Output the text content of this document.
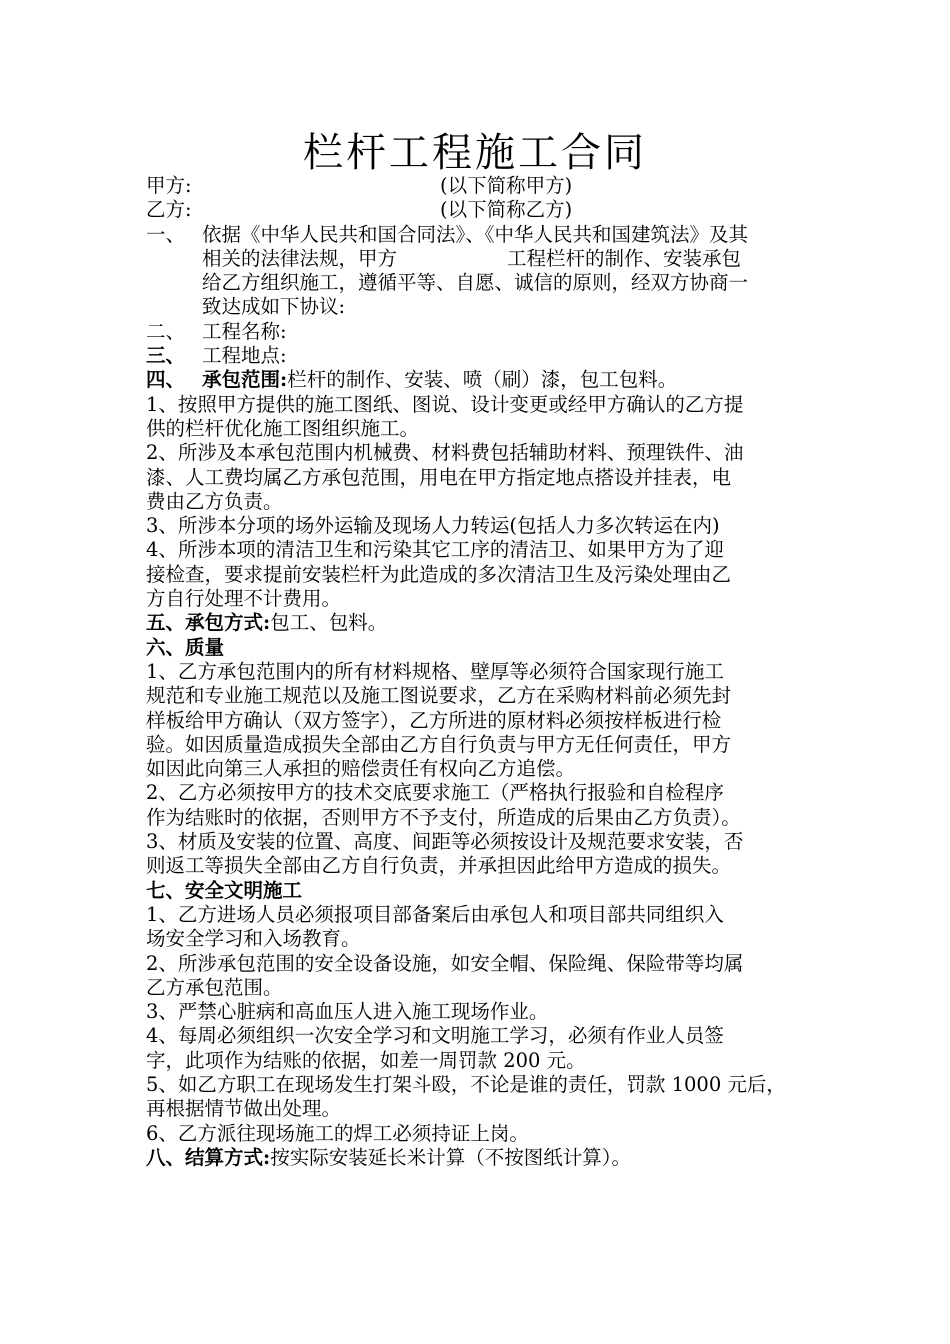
栏杆工程施工合同
甲方:	(以下简称甲方)
乙方:	(以下简称乙方)
一、 依据《中华人民共和国合同法》、《中华人民共和国建筑法》及其
相关的法律法规，甲方	工程栏杆的制作、安装承包
给乙方组织施工，遵循平等、自愿、诚信的原则，经双方协商一
致达成如下协议:
二、 工程名称:
三、 工程地点:
四、 承包范围:栏杆的制作、安装、喷（刷）漆，包工包料。
1、按照甲方提供的施工图纸、图说、设计变更或经甲方确认的乙方提
供的栏杆优化施工图组织施工。
2、所涉及本承包范围内机械费、材料费包括辅助材料、预理铁件、油
漆、人工费均属乙方承包范围，用电在甲方指定地点搭设并挂表，电
费由乙方负责。
3、所涉本分项的场外运输及现场人力转运(包括人力多次转运在内)
4、所涉本项的清洁卫生和污染其它工序的清洁卫、如果甲方为了迎
接检查，要求提前安装栏杆为此造成的多次清洁卫生及污染处理由乙
方自行处理不计费用。
五、承包方式:包工、包料。
六、质量
1、乙方承包范围内的所有材料规格、壁厚等必须符合国家现行施工
规范和专业施工规范以及施工图说要求，乙方在采购材料前必须先封
样板给甲方确认（双方签字），乙方所进的原材料必须按样板进行检
验。如因质量造成损失全部由乙方自行负责与甲方无任何责任，甲方
如因此向第三人承担的赔偿责任有权向乙方追偿。
2、乙方必须按甲方的技术交底要求施工（严格执行报验和自检程序
作为结账时的依据，否则甲方不予支付，所造成的后果由乙方负责）。
3、材质及安装的位置、高度、间距等必须按设计及规范要求安装，否
则返工等损失全部由乙方自行负责，并承担因此给甲方造成的损失。
七、安全文明施工
1、乙方进场人员必须报项目部备案后由承包人和项目部共同组织入
场安全学习和入场教育。
2、所涉承包范围的安全设备设施，如安全帽、保险绳、保险带等均属
乙方承包范围。
3、严禁心脏病和高血压人进入施工现场作业。
4、每周必须组织一次安全学习和文明施工学习，必须有作业人员签
字，此项作为结账的依据，如差一周罚款 200 元。
5、如乙方职工在现场发生打架斗殴，不论是谁的责任，罚款 1000 元后，
再根据情节做出处理。
6、乙方派往现场施工的焊工必须持证上岗。
八、结算方式:按实际安装延长米计算（不按图纸计算）。
